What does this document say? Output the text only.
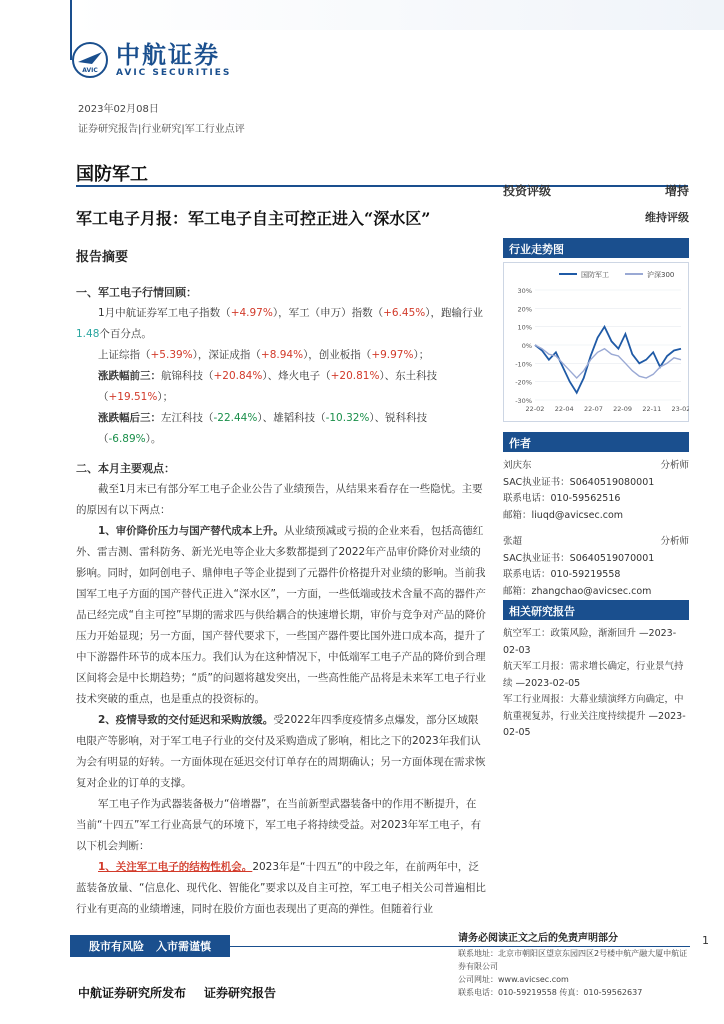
AVIC
中航证券
AVIC SECURITIES
2023年02月08日
证券研究报告|行业研究|军工行业点评
国防军工
军工电子月报：军工电子自主可控正进入“深水区”
报告摘要

一、军工电子行情回顾：

1月中航证券军工电子指数（+4.97%），军工（申万）指数（+6.45%），跑输行业1.48个百分点。

上证综指（+5.39%），深证成指（+8.94%），创业板指（+9.97%）；

涨跌幅前三：航锦科技（+20.84%）、烽火电子（+20.81%）、东土科技（+19.51%）；

涨跌幅后三：左江科技（-22.44%）、雄韬科技（-10.32%）、锐科科技（-6.89%）。

二、本月主要观点：

截至1月末已有部分军工电子企业公告了业绩预告，从结果来看存在一些隐忧。主要的原因有以下两点：

1、审价降价压力与国产替代成本上升。从业绩预减或亏损的企业来看，包括高德红外、雷吉测、雷科防务、新光光电等企业大多数都提到了2022年产品审价降价对业绩的影响。同时，如阿创电子、鼎伸电子等企业提到了元器件价格提升对业绩的影响。当前我国军工电子方面的国产替代正进入“深水区”，一方面，一些低端或技术含量不高的器件产品已经完成“自主可控”早期的需求匹与供给耦合的快速增长期，审价与竞争对产品的降价压力开始显现；另一方面，国产替代要求下，一些国产器件要比国外进口成本高，提升了中下游器件环节的成本压力。我们认为在这种情况下，中低端军工电子产品的降价到合理区间将会是中长期趋势；“质”的问题将越发突出，一些高性能产品将是未来军工电子行业技术突破的重点，也是重点的投资标的。

2、疫情导致的交付延迟和采购放缓。受2022年四季度疫情多点爆发，部分区域限电限产等影响，对于军工电子行业的交付及采购造成了影响，相比之下的2023年我们认为会有明显的好转。一方面体现在延迟交付订单存在的周期确认；另一方面体现在需求恢复对企业的订单的支撑。

军工电子作为武器装备极力“倍增器”，在当前新型武器装备中的作用不断提升，在当前“十四五”军工行业高景气的环境下，军工电子将持续受益。对2023年军工电子，有以下机会判断：

1、关注军工电子的结构性机会。2023年是“十四五”的中段之年，在前两年中，泛蓝装备放量、“信息化、现代化、智能化”要求以及自主可控，军工电子相关公司普遍相比行业有更高的业绩增速，同时在股价方面也表现出了更高的弹性。但随着行业

投资评级	增持
维持评级
行业走势图
30%
20%
10%
0%
-10%
-20%
-30%
22-02 22-04 22-07 22-09 22-11 23-02
国防军工	沪深300
作者
刘庆东	分析师
SAC执业证书：S0640519080001
联系电话：010-59562516
邮箱：liuqd@avicsec.com
张超	分析师
SAC执业证书：S0640519070001
联系电话：010-59219558
邮箱：zhangchao@avicsec.com
相关研究报告
航空军工：政策风险，渐渐回升 —2023-02-03
航天军工月报：需求增长确定，行业景气持续 —2023-02-05
军工行业周报：大幕业绩演绎方向确定，中航重视复苏，行业关注度持续提升 —2023-02-05
股市有风险 入市需谨慎
中航证券研究所发布 证券研究报告
请务必阅读正文之后的免责声明部分
联系地址：北京市朝阳区望京东园四区2号楼中航产融大厦中航证券有限公司
公司网址：www.avicsec.com
联系电话：010-59219558 传真：010-59562637
1
